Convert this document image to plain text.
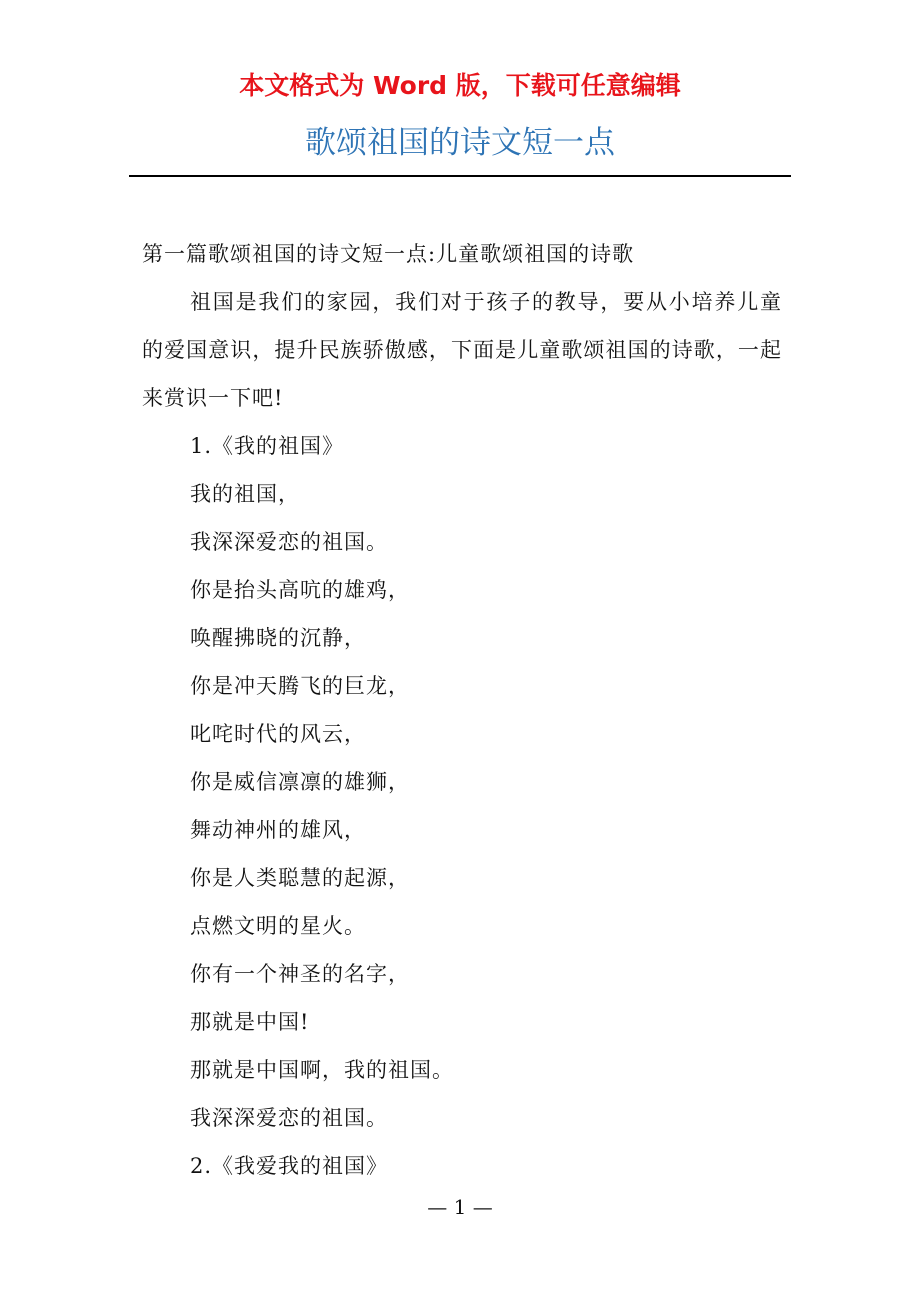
本文格式为 Word 版，下载可任意编辑
歌颂祖国的诗文短一点
第一篇歌颂祖国的诗文短一点:儿童歌颂祖国的诗歌

祖国是我们的家园，我们对于孩子的教导，要从小培养儿童的爱国意识，提升民族骄傲感，下面是儿童歌颂祖国的诗歌，一起来赏识一下吧!

1.《我的祖国》
我的祖国，
我深深爱恋的祖国。
你是抬头高吭的雄鸡，
唤醒拂晓的沉静，
你是冲天腾飞的巨龙，
叱咤时代的风云，
你是威信凛凛的雄狮，
舞动神州的雄风，
你是人类聪慧的起源，
点燃文明的星火。
你有一个神圣的名字，
那就是中国!
那就是中国啊，我的祖国。
我深深爱恋的祖国。
2.《我爱我的祖国》
— 1 —
